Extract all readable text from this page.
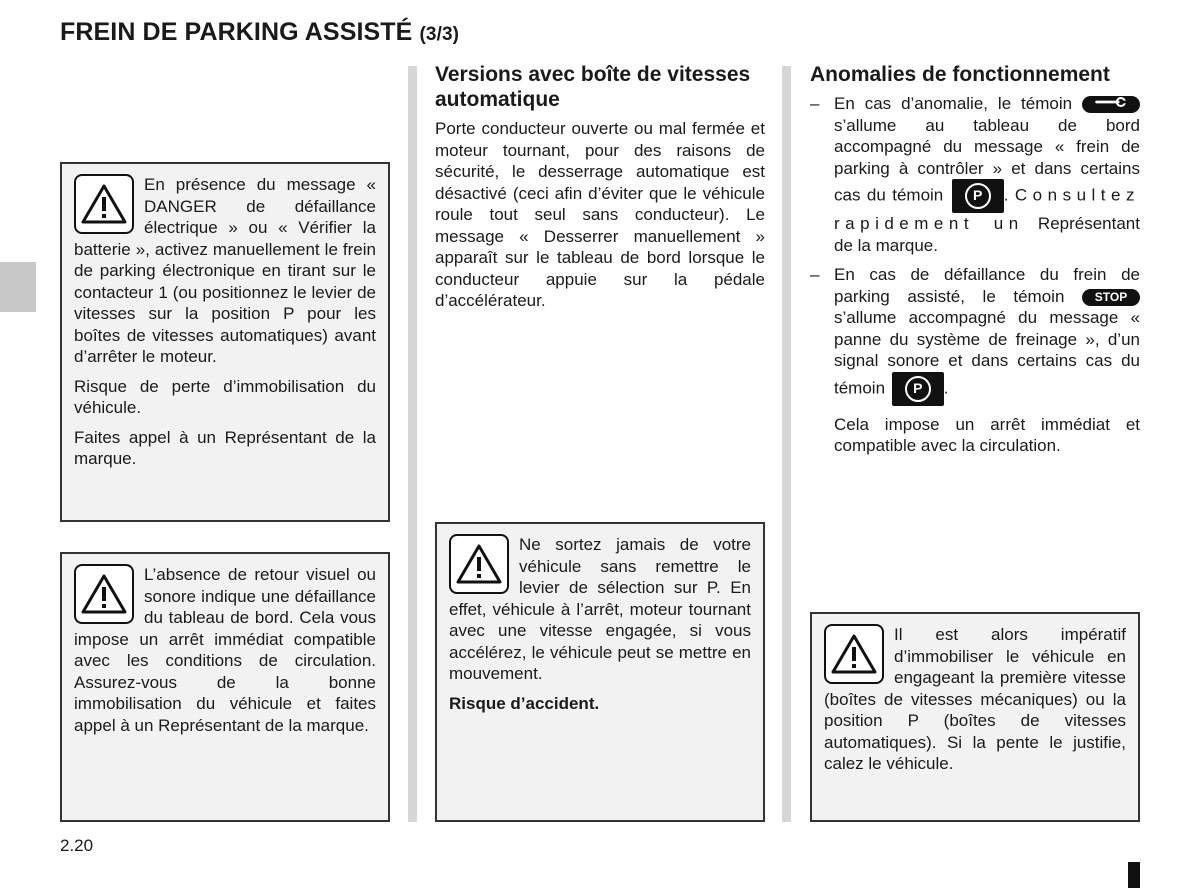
FREIN DE PARKING ASSISTÉ (3/3)

En présence du message « DANGER de défaillance électrique » ou « Vérifier la batterie », activez manuellement le frein de parking électronique en tirant sur le contacteur 1 (ou positionnez le levier de vitesses sur la position P pour les boîtes de vitesses automatiques) avant d’arrêter le moteur.

Risque de perte d’immobilisation du véhicule.

Faites appel à un Représentant de la marque.

L’absence de retour visuel ou sonore indique une défaillance du tableau de bord. Cela vous impose un arrêt immédiat compatible avec les conditions de circulation. Assurez-vous de la bonne immobilisation du véhicule et faites appel à un Représentant de la marque.

Versions avec boîte de vitesses automatique

Porte conducteur ouverte ou mal fermée et moteur tournant, pour des raisons de sécurité, le desserrage automatique est désactivé (ceci afin d’éviter que le véhicule roule tout seul sans conducteur). Le message « Desserrer manuellement » apparaît sur le tableau de bord lorsque le conducteur appuie sur la pédale d’accélérateur.

Ne sortez jamais de votre véhicule sans remettre le levier de sélection sur P. En effet, véhicule à l’arrêt, moteur tournant avec une vitesse engagée, si vous accélérez, le véhicule peut se mettre en mouvement.

Risque d’accident.

Anomalies de fonctionnement

– En cas d’anomalie, le témoin  s’allume au tableau de bord accompagné du message « frein de parking à contrôler » et dans certains cas du témoin	P	. Consultez rapidement un Représentant de la marque.

– En cas de défaillance du frein de parking assisté, le témoin	STOP s’allume accompagné du message « panne du système de freinage », d’un signal sonore et dans certains cas du témoin	P	.

Cela impose un arrêt immédiat et compatible avec la circulation.

Il est alors impératif d’immobiliser le véhicule en engageant la première vitesse (boîtes de vitesses mécaniques) ou la position P (boîtes de vitesses automatiques). Si la pente le justifie, calez le véhicule.

2.20
